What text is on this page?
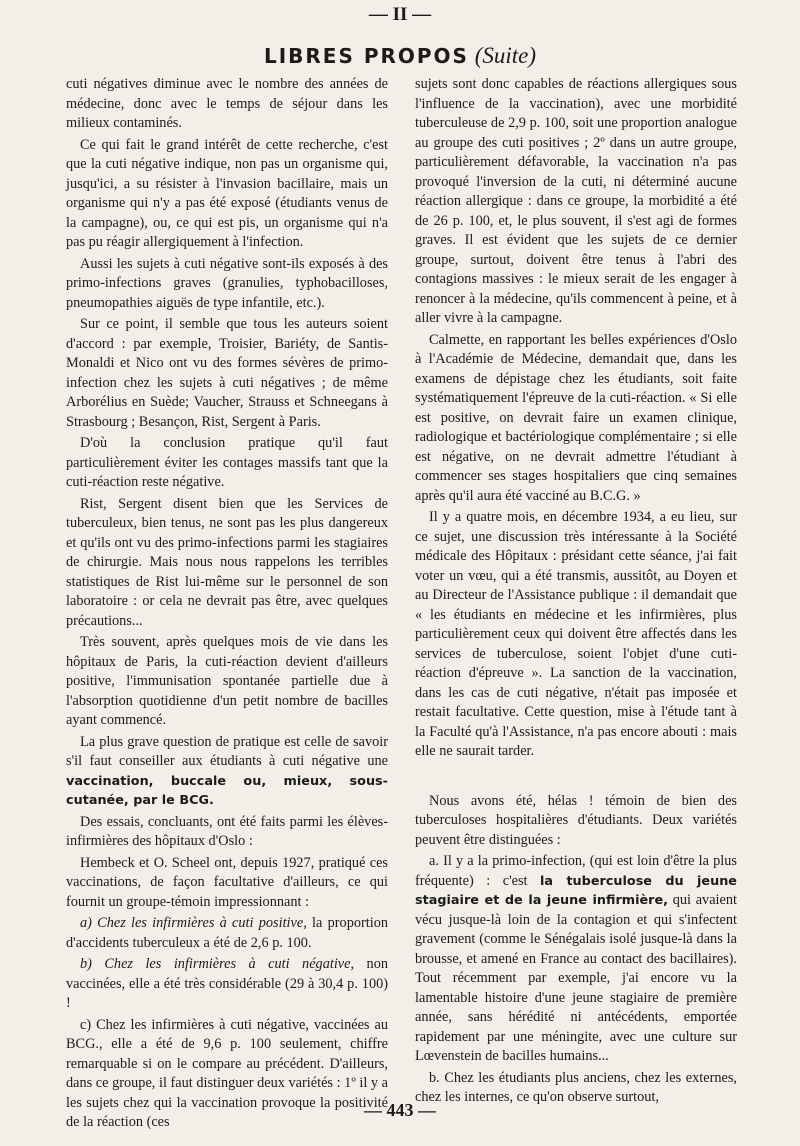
— II —
LIBRES PROPOS (Suite)

cuti négatives diminue avec le nombre des années de médecine, donc avec le temps de séjour dans les milieux contaminés.

Ce qui fait le grand intérêt de cette recherche, c'est que la cuti négative indique, non pas un organisme qui, jusqu'ici, a su résister à l'invasion bacillaire, mais un organisme qui n'y a pas été exposé (étudiants venus de la campagne), ou, ce qui est pis, un organisme qui n'a pas pu réagir allergiquement à l'infection.

Aussi les sujets à cuti négative sont-ils exposés à des primo-infections graves (granulies, typhobacilloses, pneumopathies aiguës de type infantile, etc.).

Sur ce point, il semble que tous les auteurs soient d'accord : par exemple, Troisier, Bariéty, de Santis-Monaldi et Nico ont vu des formes sévères de primo-infection chez les sujets à cuti négatives ; de même Arborélius en Suède; Vaucher, Strauss et Schneegans à Strasbourg ; Besançon, Rist, Sergent à Paris.

D'où la conclusion pratique qu'il faut particulièrement éviter les contages massifs tant que la cuti-réaction reste négative.

Rist, Sergent disent bien que les Services de tuberculeux, bien tenus, ne sont pas les plus dangereux et qu'ils ont vu des primo-infections parmi les stagiaires de chirurgie. Mais nous nous rappelons les terribles statistiques de Rist lui-même sur le personnel de son laboratoire : or cela ne devrait pas être, avec quelques précautions...

Très souvent, après quelques mois de vie dans les hôpitaux de Paris, la cuti-réaction devient d'ailleurs positive, l'immunisation spontanée partielle due à l'absorption quotidienne d'un petit nombre de bacilles ayant commencé.

La plus grave question de pratique est celle de savoir s'il faut conseiller aux étudiants à cuti négative une vaccination, buccale ou, mieux, sous-cutanée, par le BCG.

Des essais, concluants, ont été faits parmi les élèves-infirmières des hôpitaux d'Oslo :

Hembeck et O. Scheel ont, depuis 1927, pratiqué ces vaccinations, de façon facultative d'ailleurs, ce qui fournit un groupe-témoin impressionnant :

a) Chez les infirmières à cuti positive, la proportion d'accidents tuberculeux a été de 2,6 p. 100.

b) Chez les infirmières à cuti négative, non vaccinées, elle a été très considérable (29 à 30,4 p. 100) !

c) Chez les infirmières à cuti négative, vaccinées au BCG., elle a été de 9,6 p. 100 seulement, chiffre remarquable si on le compare au précédent. D'ailleurs, dans ce groupe, il faut distinguer deux variétés : 1º il y a les sujets chez qui la vaccination provoque la positivité de la réaction (ces

sujets sont donc capables de réactions allergiques sous l'influence de la vaccination), avec une morbidité tuberculeuse de 2,9 p. 100, soit une proportion analogue au groupe des cuti positives ; 2º dans un autre groupe, particulièrement défavorable, la vaccination n'a pas provoqué l'inversion de la cuti, ni déterminé aucune réaction allergique : dans ce groupe, la morbidité a été de 26 p. 100, et, le plus souvent, il s'est agi de formes graves. Il est évident que les sujets de ce dernier groupe, surtout, doivent être tenus à l'abri des contagions massives : le mieux serait de les engager à renoncer à la médecine, qu'ils commencent à peine, et à aller vivre à la campagne.

Calmette, en rapportant les belles expériences d'Oslo à l'Académie de Médecine, demandait que, dans les examens de dépistage chez les étudiants, soit faite systématiquement l'épreuve de la cuti-réaction. « Si elle est positive, on devrait faire un examen clinique, radiologique et bactériologique complémentaire ; si elle est négative, on ne devrait admettre l'étudiant à commencer ses stages hospitaliers que cinq semaines après qu'il aura été vacciné au B.C.G. »

Il y a quatre mois, en décembre 1934, a eu lieu, sur ce sujet, une discussion très intéressante à la Société médicale des Hôpitaux : présidant cette séance, j'ai fait voter un vœu, qui a été transmis, aussitôt, au Doyen et au Directeur de l'Assistance publique : il demandait que « les étudiants en médecine et les infirmières, plus particulièrement ceux qui doivent être affectés dans les services de tuberculose, soient l'objet d'une cuti-réaction d'épreuve ». La sanction de la vaccination, dans les cas de cuti négative, n'était pas imposée et restait facultative. Cette question, mise à l'étude tant à la Faculté qu'à l'Assistance, n'a pas encore abouti : mais elle ne saurait tarder.

Nous avons été, hélas ! témoin de bien des tuberculoses hospitalières d'étudiants. Deux variétés peuvent être distinguées :

a. Il y a la primo-infection, (qui est loin d'être la plus fréquente) : c'est la tuberculose du jeune stagiaire et de la jeune infirmière, qui avaient vécu jusque-là loin de la contagion et qui s'infectent gravement (comme le Sénégalais isolé jusque-là dans la brousse, et amené en France au contact des bacillaires). Tout récemment par exemple, j'ai encore vu la lamentable histoire d'une jeune stagiaire de première année, sans hérédité ni antécédents, emportée rapidement par une méningite, avec une culture sur Lœvenstein de bacilles humains...

b. Chez les étudiants plus anciens, chez les externes, chez les internes, ce qu'on observe surtout,

— 443 —
